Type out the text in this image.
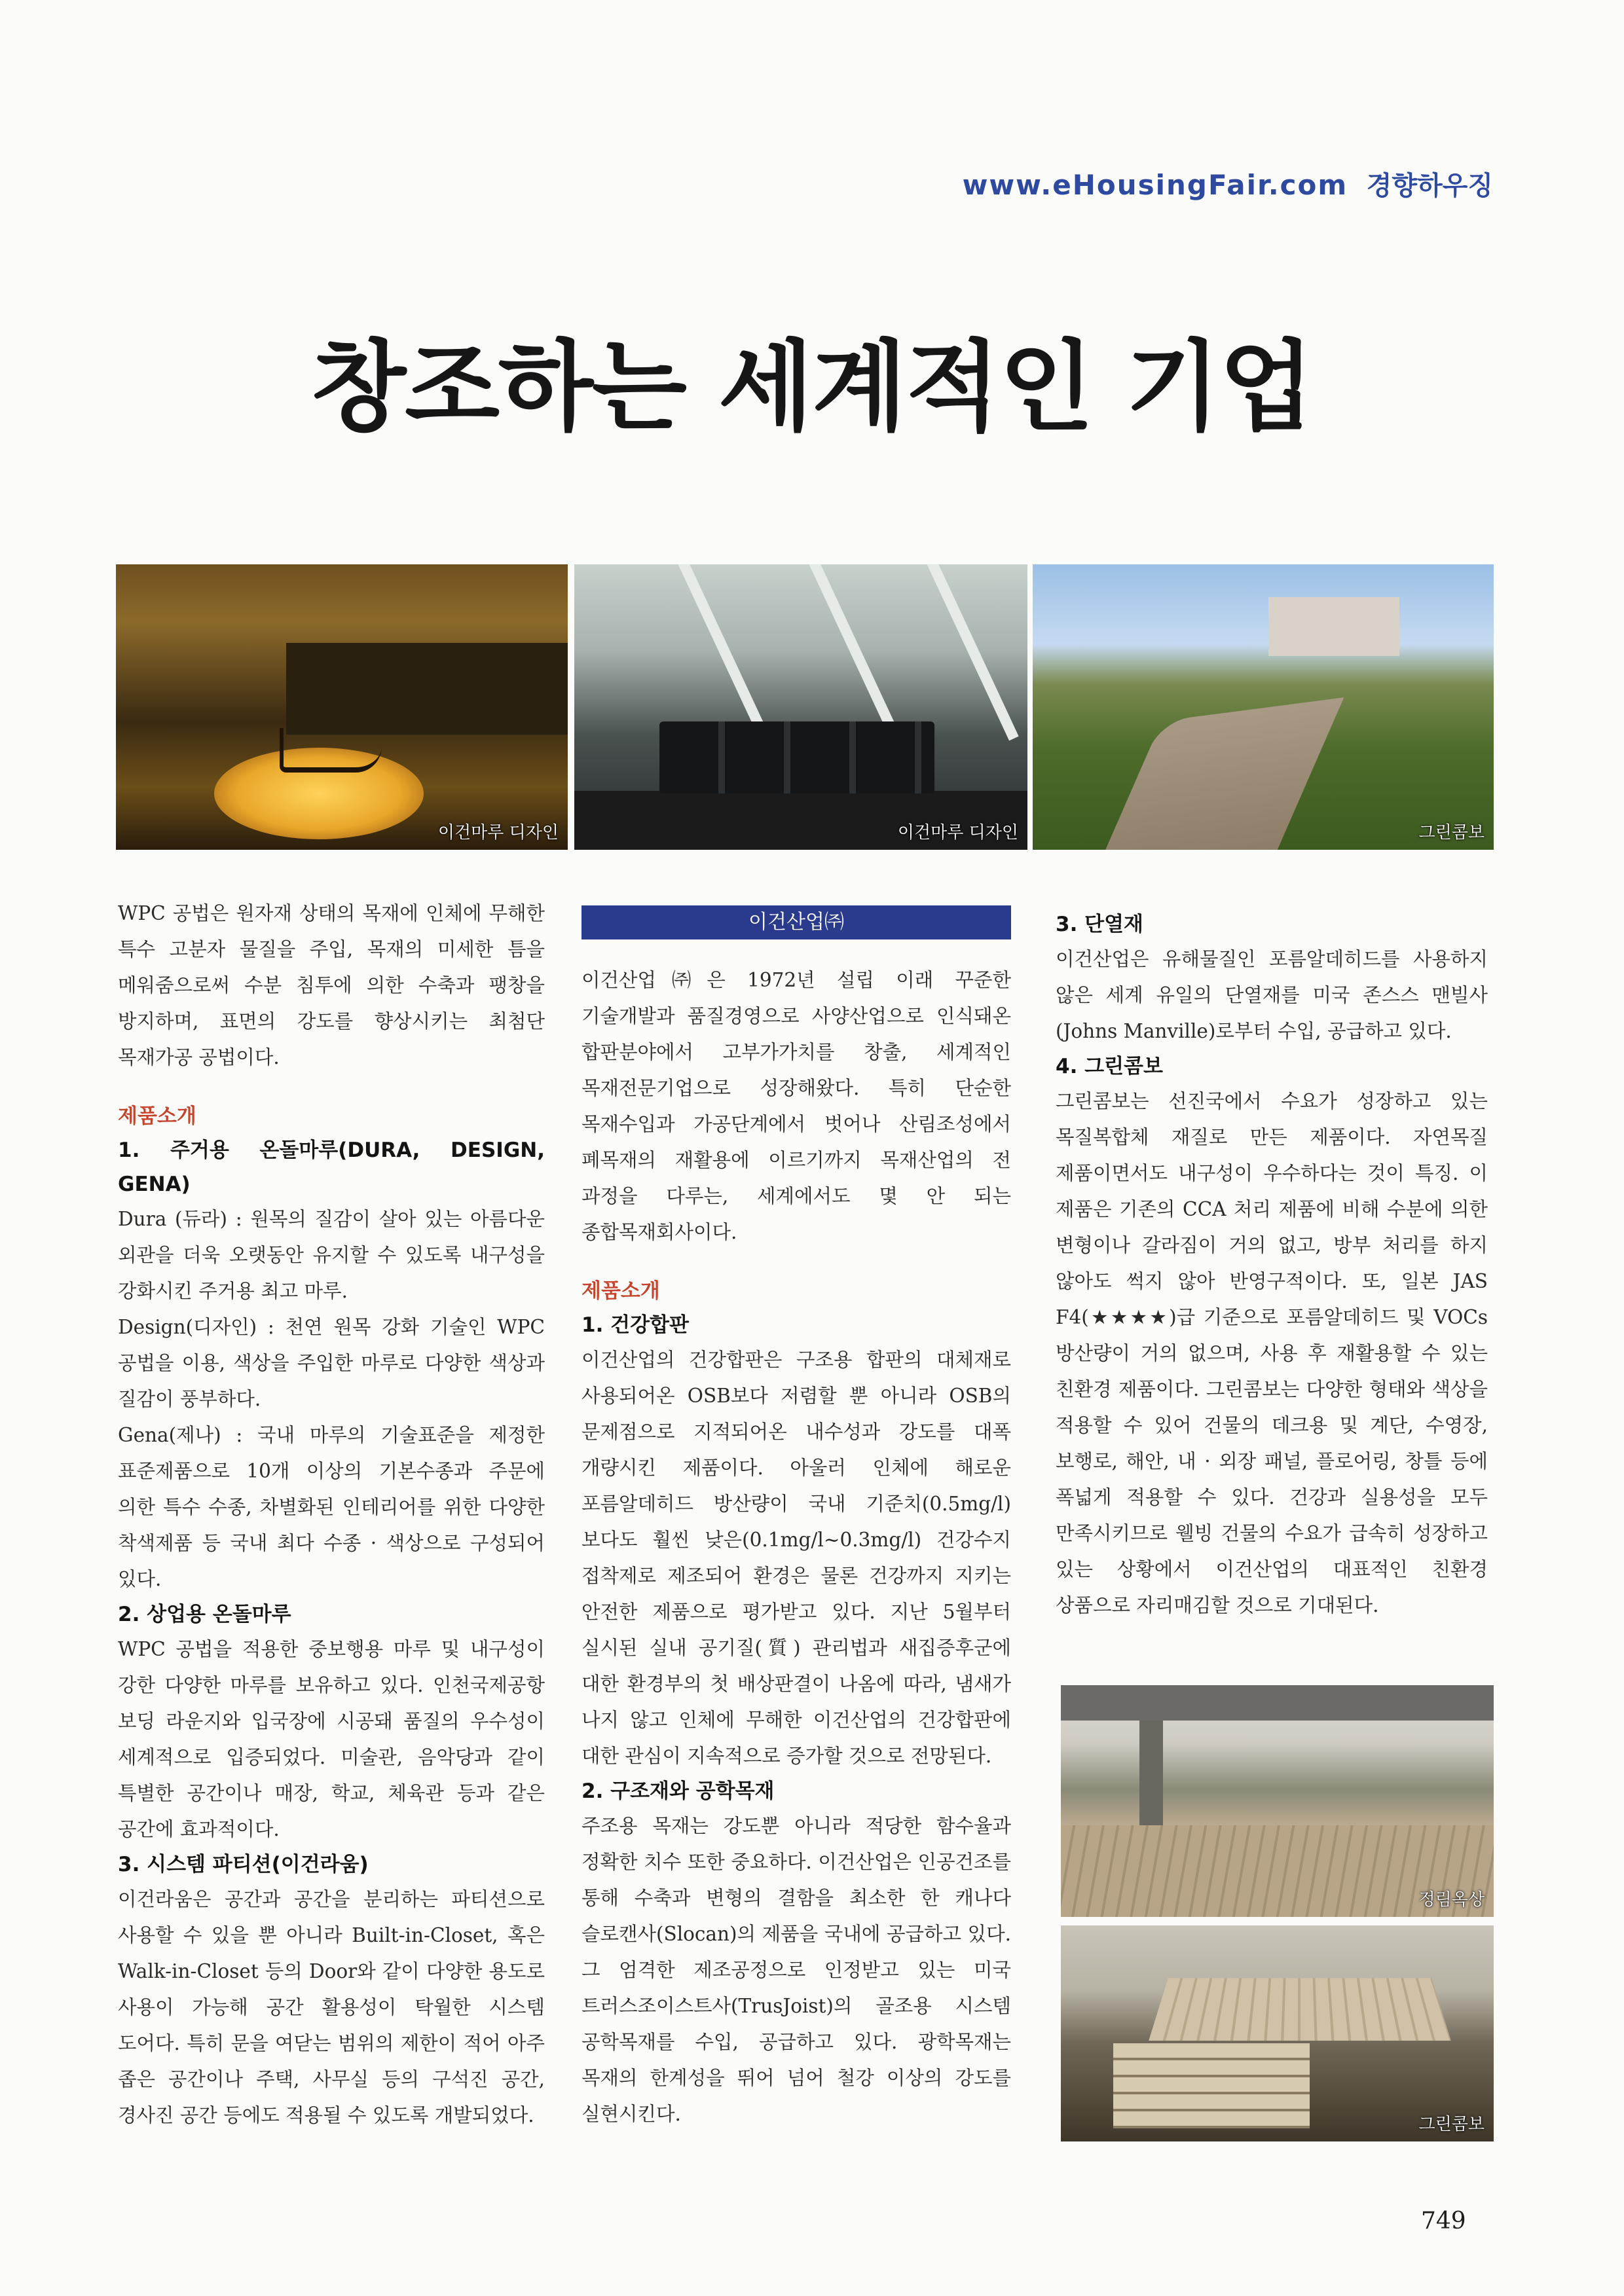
www.eHousingFair.com 경향하우징
창조하는 세계적인 기업
이건마루 디자인	이건마루 디자인	그린콤보
이건산업㈜

WPC 공법은 원자재 상태의 목재에 인체에 무해한 특수 고분자 물질을 주입, 목재의 미세한 틈을 메워줌으로써 수분 침투에 의한 수축과 팽창을 방지하며, 표면의 강도를 향상시키는 최첨단 목재가공 공법이다.

제품소개

1. 주거용 온돌마루(DURA, DESIGN, GENA)

Dura (듀라) : 원목의 질감이 살아 있는 아름다운 외관을 더욱 오랫동안 유지할 수 있도록 내구성을 강화시킨 주거용 최고 마루.

Design(디자인) : 천연 원목 강화 기술인 WPC 공법을 이용, 색상을 주입한 마루로 다양한 색상과 질감이 풍부하다.

Gena(제나) : 국내 마루의 기술표준을 제정한 표준제품으로 10개 이상의 기본수종과 주문에 의한 특수 수종, 차별화된 인테리어를 위한 다양한 착색제품 등 국내 최다 수종 · 색상으로 구성되어 있다.

2. 상업용 온돌마루

WPC 공법을 적용한 중보행용 마루 및 내구성이 강한 다양한 마루를 보유하고 있다. 인천국제공항 보딩 라운지와 입국장에 시공돼 품질의 우수성이 세계적으로 입증되었다. 미술관, 음악당과 같이 특별한 공간이나 매장, 학교, 체육관 등과 같은 공간에 효과적이다.

3. 시스템 파티션(이건라움)

이건라움은 공간과 공간을 분리하는 파티션으로 사용할 수 있을 뿐 아니라 Built-in-Closet, 혹은 Walk-in-Closet 등의 Door와 같이 다양한 용도로 사용이 가능해 공간 활용성이 탁월한 시스템 도어다. 특히 문을 여닫는 범위의 제한이 적어 아주 좁은 공간이나 주택, 사무실 등의 구석진 공간, 경사진 공간 등에도 적용될 수 있도록 개발되었다.

이건산업㈜은 1972년 설립 이래 꾸준한 기술개발과 품질경영으로 사양산업으로 인식돼온 합판분야에서 고부가가치를 창출, 세계적인 목재전문기업으로 성장해왔다. 특히 단순한 목재수입과 가공단계에서 벗어나 산림조성에서 폐목재의 재활용에 이르기까지 목재산업의 전 과정을 다루는, 세계에서도 몇 안 되는 종합목재회사이다.

제품소개

1. 건강합판

이건산업의 건강합판은 구조용 합판의 대체재로 사용되어온 OSB보다 저렴할 뿐 아니라 OSB의 문제점으로 지적되어온 내수성과 강도를 대폭 개량시킨 제품이다. 아울러 인체에 해로운 포름알데히드 방산량이 국내 기준치(0.5mg/l)보다도 훨씬 낮은(0.1mg/l~0.3mg/l) 건강수지 접착제로 제조되어 환경은 물론 건강까지 지키는 안전한 제품으로 평가받고 있다. 지난 5월부터 실시된 실내 공기질(質) 관리법과 새집증후군에 대한 환경부의 첫 배상판결이 나옴에 따라, 냄새가 나지 않고 인체에 무해한 이건산업의 건강합판에 대한 관심이 지속적으로 증가할 것으로 전망된다.

2. 구조재와 공학목재

주조용 목재는 강도뿐 아니라 적당한 함수율과 정확한 치수 또한 중요하다. 이건산업은 인공건조를 통해 수축과 변형의 결함을 최소한 한 캐나다 슬로캔사(Slocan)의 제품을 국내에 공급하고 있다. 그 엄격한 제조공정으로 인정받고 있는 미국 트러스조이스트사(TrusJoist)의 골조용 시스템 공학목재를 수입, 공급하고 있다. 광학목재는 목재의 한계성을 뛰어 넘어 철강 이상의 강도를 실현시킨다.

3. 단열재

이건산업은 유해물질인 포름알데히드를 사용하지 않은 세계 유일의 단열재를 미국 존스스 맨빌사(Johns Manville)로부터 수입, 공급하고 있다.

4. 그린콤보

그린콤보는 선진국에서 수요가 성장하고 있는 목질복합체 재질로 만든 제품이다. 자연목질 제품이면서도 내구성이 우수하다는 것이 특징. 이 제품은 기존의 CCA 처리 제품에 비해 수분에 의한 변형이나 갈라짐이 거의 없고, 방부 처리를 하지 않아도 썩지 않아 반영구적이다. 또, 일본 JAS F4(★★★★)급 기준으로 포름알데히드 및 VOCs 방산량이 거의 없으며, 사용 후 재활용할 수 있는 친환경 제품이다. 그린콤보는 다양한 형태와 색상을 적용할 수 있어 건물의 데크용 및 계단, 수영장, 보행로, 해안, 내 · 외장 패널, 플로어링, 창틀 등에 폭넓게 적용할 수 있다. 건강과 실용성을 모두 만족시키므로 웰빙 건물의 수요가 급속히 성장하고 있는 상황에서 이건산업의 대표적인 친환경 상품으로 자리매김할 것으로 기대된다.

정림옥상
그린콤보
749
